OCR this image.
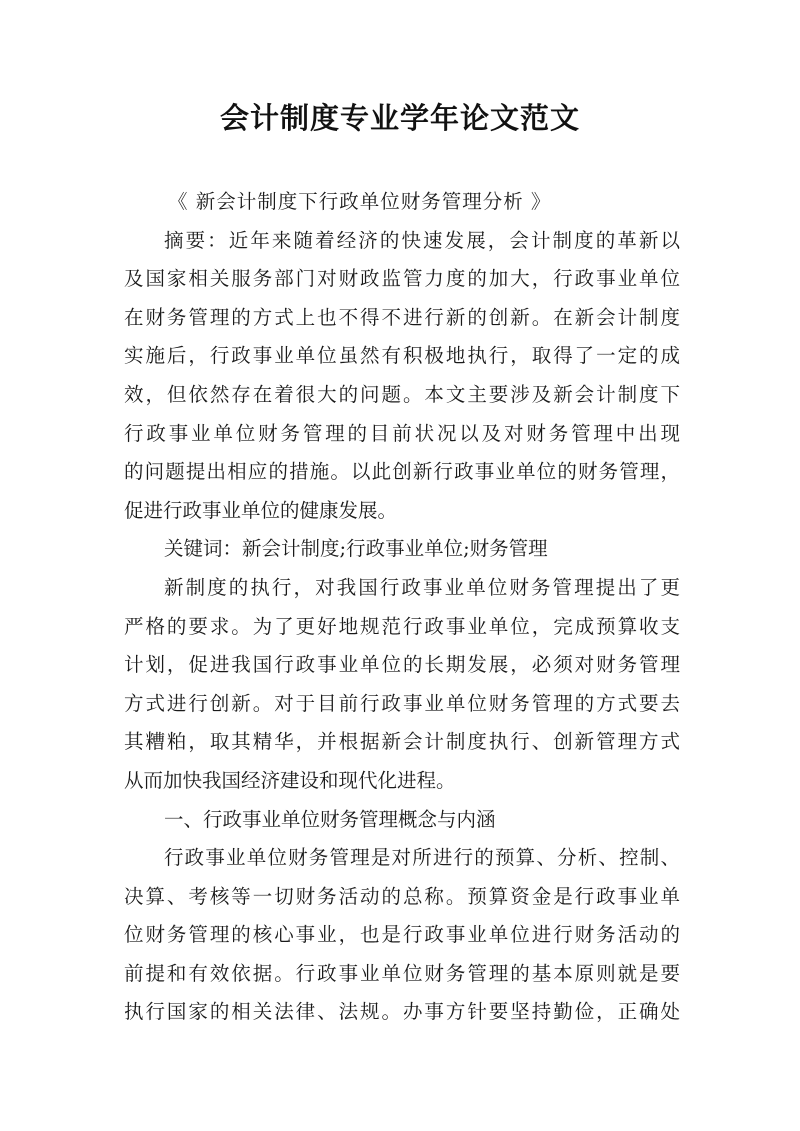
会计制度专业学年论文范文
《 新会计制度下行政单位财务管理分析 》
摘要：近年来随着经济的快速发展，会计制度的革新以
及国家相关服务部门对财政监管力度的加大，行政事业单位
在财务管理的方式上也不得不进行新的创新。在新会计制度
实施后，行政事业单位虽然有积极地执行，取得了一定的成
效，但依然存在着很大的问题。本文主要涉及新会计制度下
行政事业单位财务管理的目前状况以及对财务管理中出现
的问题提出相应的措施。以此创新行政事业单位的财务管理，
促进行政事业单位的健康发展。
关键词：新会计制度;行政事业单位;财务管理
新制度的执行，对我国行政事业单位财务管理提出了更
严格的要求。为了更好地规范行政事业单位，完成预算收支
计划，促进我国行政事业单位的长期发展，必须对财务管理
方式进行创新。对于目前行政事业单位财务管理的方式要去
其糟粕，取其精华，并根据新会计制度执行、创新管理方式
从而加快我国经济建设和现代化进程。
一、行政事业单位财务管理概念与内涵
行政事业单位财务管理是对所进行的预算、分析、控制、
决算、考核等一切财务活动的总称。预算资金是行政事业单
位财务管理的核心事业，也是行政事业单位进行财务活动的
前提和有效依据。行政事业单位财务管理的基本原则就是要
执行国家的相关法律、法规。办事方针要坚持勤俭，正确处
